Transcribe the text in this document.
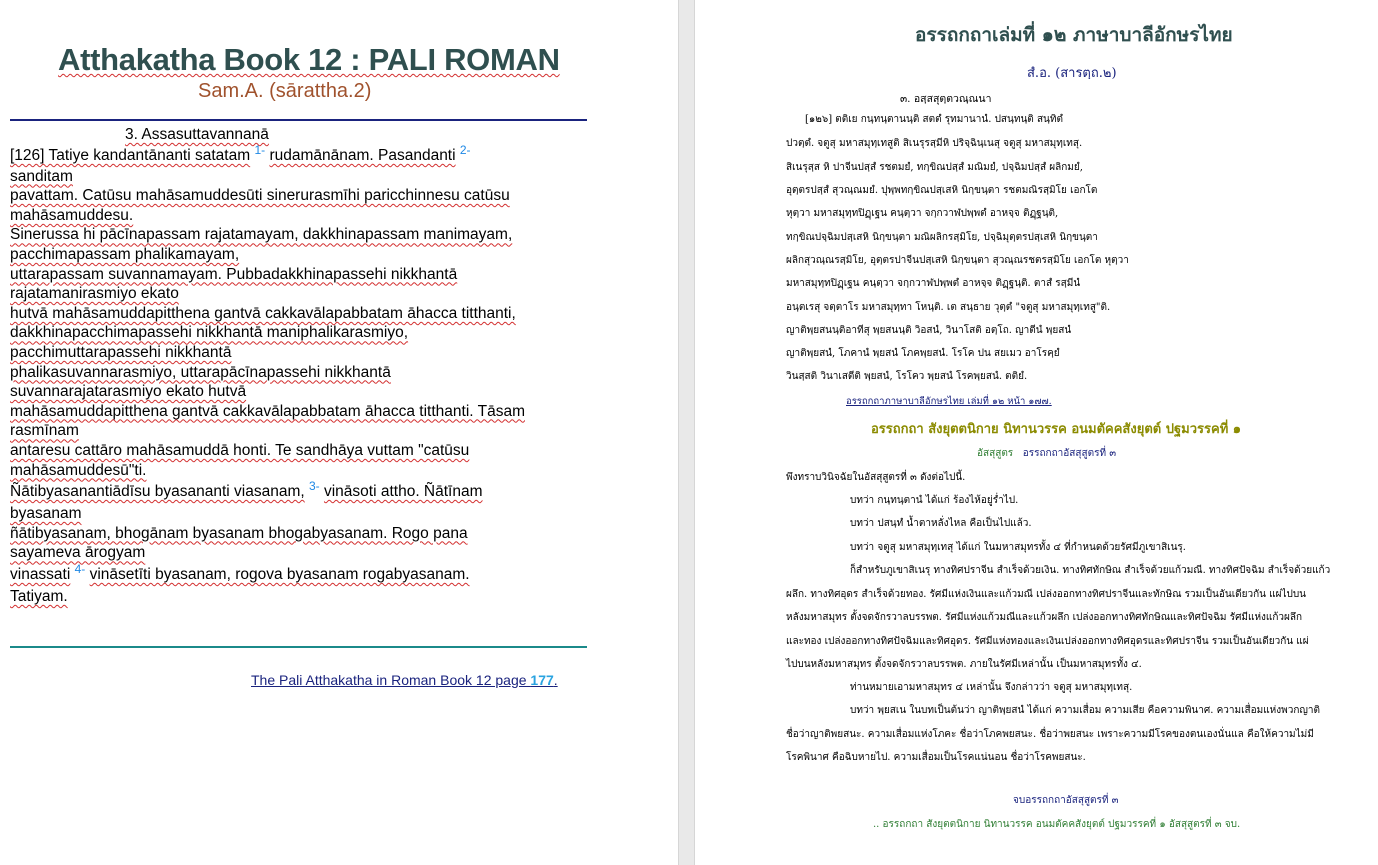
Atthakatha Book 12 : PALI ROMAN
Sam.A. (sārattha.2)
3. Assasuttavannanā
[126] Tatiye kandantānanti satatam $^{1-}$ rudamānānam. Pasandanti $^{2-}$
sanditam
pavattam. Catūsu mahāsamuddesūti sinerurasmīhi paricchinnesu catūsu
mahāsamuddesu.
Sinerussa hi pācīnapassam rajatamayam, dakkhinapassam manimayam,
pacchimapassam phalikamayam,
uttarapassam suvannamayam. Pubbadakkhinapassehi nikkhantā
rajatamanirasmiyo ekato
hutvā mahāsamuddapitthena gantvā cakkavālapabbatam āhacca titthanti,
dakkhinapacchimapassehi nikkhantā maniphalikarasmiyo,
pacchimuttarapassehi nikkhantā
phalikasuvannarasmiyo, uttarapācīnapassehi nikkhantā
suvannarajatarasmiyo ekato hutvā
mahāsamuddapitthena gantvā cakkavālapabbatam āhacca titthanti. Tāsam
rasmīnam
antaresu cattāro mahāsamuddā honti. Te sandhāya vuttam "catūsu
mahāsamuddesū"ti.
Ñātibyasanantiādīsu byasananti viasanam, $^{3-}$ vināsoti attho. Ñātīnam
byasanam
ñātibyasanam, bhogānam byasanam bhogabyasanam. Rogo pana
sayameva ārogyam
vinassati $^{4-}$ vināsetīti byasanam, rogova byasanam rogabyasanam.
Tatiyam.
The Pali Atthakatha in Roman Book 12 page 177.
อรรถกถาเล่มที่ ๑๒ ภาษาบาลีอักษรไทย
สํ.อ. (สารตฺถ.๒)
๓. อสฺสสุตฺตวณฺณนา
[๑๒๖] ตติเย กนฺทนฺตานนฺติ สตตํ รุทมานานํ. ปสนฺทนฺติ สนฺทิตํ
ปวตฺตํ. จตูสุ มหาสมุทฺเทสูติ สิเนรุรสฺมีหิ ปริจฺฉินฺเนสุ จตูสุ มหาสมุทฺเทสุ.
สิเนรุสฺส หิ ปาจีนปสฺสํ รชตมยํ, ทกฺขิณปสฺสํ มณิมยํ, ปจฺฉิมปสฺสํ ผลิกมยํ,
อุตฺตรปสฺสํ สุวณฺณมยํ. ปุพฺพทกฺขิณปสฺเสหิ นิกฺขนฺตา รชตมณิรสฺมิโย เอกโต
หุตฺวา มหาสมุทฺทปิฏฺเฐน คนฺตฺวา จกฺกวาฬปพฺพตํ อาหจฺจ ติฏฺฐนฺติ,
ทกฺขิณปจฺฉิมปสฺเสหิ นิกฺขนฺตา มณิผลิกรสฺมิโย, ปจฺฉิมุตฺตรปสฺเสหิ นิกฺขนฺตา
ผลิกสุวณฺณรสฺมิโย, อุตฺตรปาจีนปสฺเสหิ นิกฺขนฺตา สุวณฺณรชตรสฺมิโย เอกโต หุตฺวา
มหาสมุทฺทปิฏฺเฐน คนฺตฺวา จกฺกวาฬปพฺพตํ อาหจฺจ ติฏฺฐนฺติ. ตาสํ รสฺมีนํ
อนฺตเรสุ จตฺตาโร มหาสมุทฺทา โหนฺติ. เต สนฺธาย วุตฺตํ "จตูสุ มหาสมุทฺเทสู"ติ.
ญาติพฺยสนนฺติอาทีสุ พฺยสนนฺติ วิอสนํ, วินาโสติ อตฺโถ. ญาตีนํ พฺยสนํ
ญาติพฺยสนํ, โภคานํ พฺยสนํ โภคพฺยสนํ. โรโค ปน สยเมว อาโรคฺยํ
วินสฺสติ วินาเสตีติ พฺยสนํ, โรโคว พฺยสนํ โรคพฺยสนํ. ตติยํ.
อรรถกถาภาษาบาลีอักษรไทย เล่มที่ ๑๒ หน้า ๑๗๗.
อรรถกถา สังยุตตนิกาย นิทานวรรค อนมตัคคสังยุตต์ ปฐมวรรคที่ ๑
อัสสุสูตร อรรถกถาอัสสุสูตรที่ ๓
พึงทราบวินิจฉัยในอัสสุสูตรที่ ๓ ดังต่อไปนี้.
บทว่า กนฺทนฺตานํ ได้แก่ ร้องไห้อยู่ร่ำไป.
บทว่า ปสนฺทํ น้ำตาหลั่งไหล คือเป็นไปแล้ว.
บทว่า จตูสุ มหาสมุทฺเทสุ ได้แก่ ในมหาสมุทรทั้ง ๔ ที่กำหนดด้วยรัศมีภูเขาสิเนรุ.
ก็สำหรับภูเขาสิเนรุ ทางทิศปราจีน สำเร็จด้วยเงิน. ทางทิศทักษิณ สำเร็จด้วยแก้วมณี. ทางทิศปัจฉิม สำเร็จด้วยแก้ว
ผลึก. ทางทิศอุดร สำเร็จด้วยทอง. รัศมีแห่งเงินและแก้วมณี เปล่งออกทางทิศปราจีนและทักษิณ รวมเป็นอันเดียวกัน แผ่ไปบน
หลังมหาสมุทร ตั้งจดจักรวาลบรรพต. รัศมีแห่งแก้วมณีและแก้วผลึก เปล่งออกทางทิศทักษิณและทิศปัจฉิม รัศมีแห่งแก้วผลึก
และทอง เปล่งออกทางทิศปัจฉิมและทิศอุดร. รัศมีแห่งทองและเงินเปล่งออกทางทิศอุดรและทิศปราจีน รวมเป็นอันเดียวกัน แผ่
ไปบนหลังมหาสมุทร ตั้งจดจักรวาลบรรพต. ภายในรัศมีเหล่านั้น เป็นมหาสมุทรทั้ง ๔.
ท่านหมายเอามหาสมุทร ๔ เหล่านั้น จึงกล่าวว่า จตูสุ มหาสมุทฺเทสุ.
บทว่า พฺยสเน ในบทเป็นต้นว่า ญาติพฺยสนํ ได้แก่ ความเสื่อม ความเสีย คือความพินาศ. ความเสื่อมแห่งพวกญาติ
ชื่อว่าญาติพยสนะ. ความเสื่อมแห่งโภคะ ชื่อว่าโภคพยสนะ. ชื่อว่าพยสนะ เพราะความมีโรคของตนเองนั่นแล คือให้ความไม่มี
โรคพินาศ คือฉิบหายไป. ความเสื่อมเป็นโรคแน่นอน ชื่อว่าโรคพยสนะ.
จบอรรถกถาอัสสุสูตรที่ ๓
.. อรรถกถา สังยุตตนิกาย นิทานวรรค อนมตัคคสังยุตต์ ปฐมวรรคที่ ๑ อัสสุสูตรที่ ๓ จบ.
